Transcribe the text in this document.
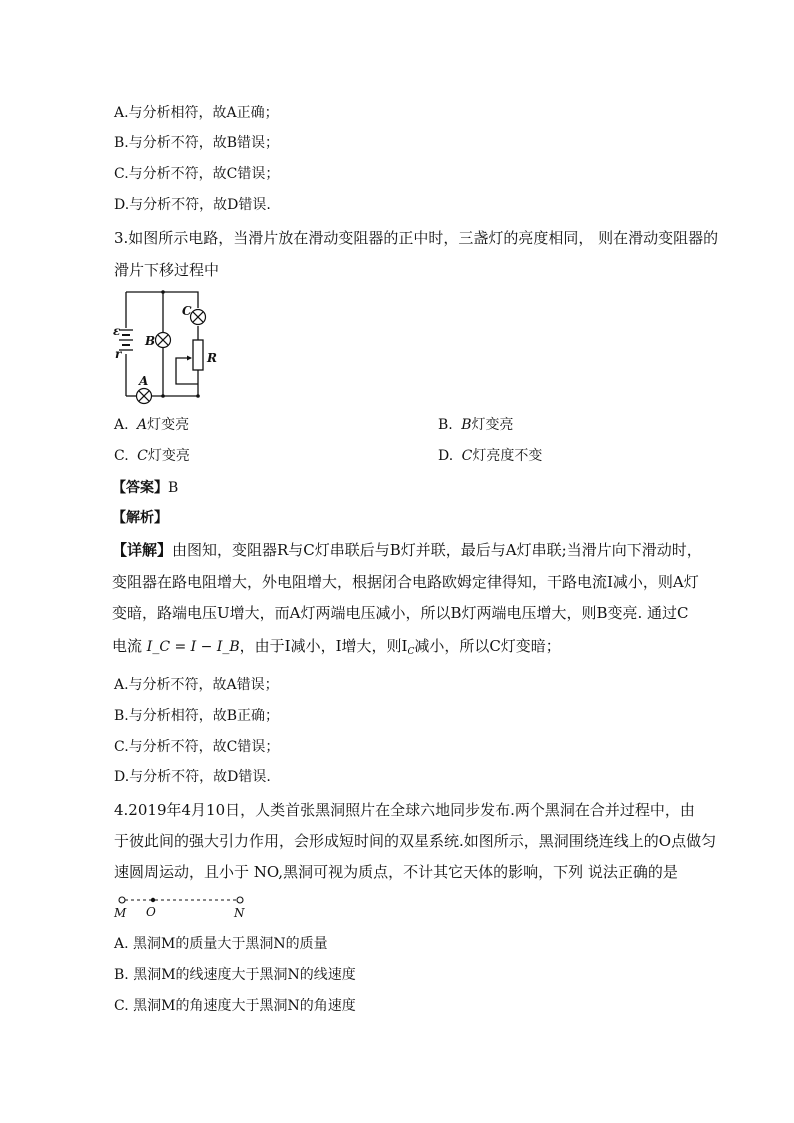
A.与分析相符，故A正确；
B.与分析不符，故B错误；
C.与分析不符，故C错误；
D.与分析不符，故D错误.
3.如图所示电路，当滑片放在滑动变阻器的正中时，三盏灯的亮度相同， 则在滑动变阻器的
滑片下移过程中
ε
r
B
C
R
A
A. A灯变亮	B. B灯变亮
C. C灯变亮	D. C灯亮度不变
【答案】B
【解析】
【详解】由图知，变阻器R与C灯串联后与B灯并联，最后与A灯串联;当滑片向下滑动时，
变阻器在路电阻增大，外电阻增大，根据闭合电路欧姆定律得知，干路电流I减小，则A灯
变暗，路端电压U增大，而A灯两端电压减小，所以B灯两端电压增大，则B变亮. 通过C
电流 I_C = I − I_B，由于I减小，I增大，则$I_C$减小，所以C灯变暗；
A.与分析不符，故A错误；
B.与分析相符，故B正确；
C.与分析不符，故C错误；
D.与分析不符，故D错误.
4.2019年4月10日，人类首张黑洞照片在全球六地同步发布.两个黑洞在合并过程中，由
于彼此间的强大引力作用，会形成短时间的双星系统.如图所示，黑洞围绕连线上的O点做匀
速圆周运动，且小于 NO,黑洞可视为质点，不计其它天体的影响，下列 说法正确的是
M O	N
A. 黑洞M的质量大于黑洞N的质量
B. 黑洞M的线速度大于黑洞N的线速度
C. 黑洞M的角速度大于黑洞N的角速度
